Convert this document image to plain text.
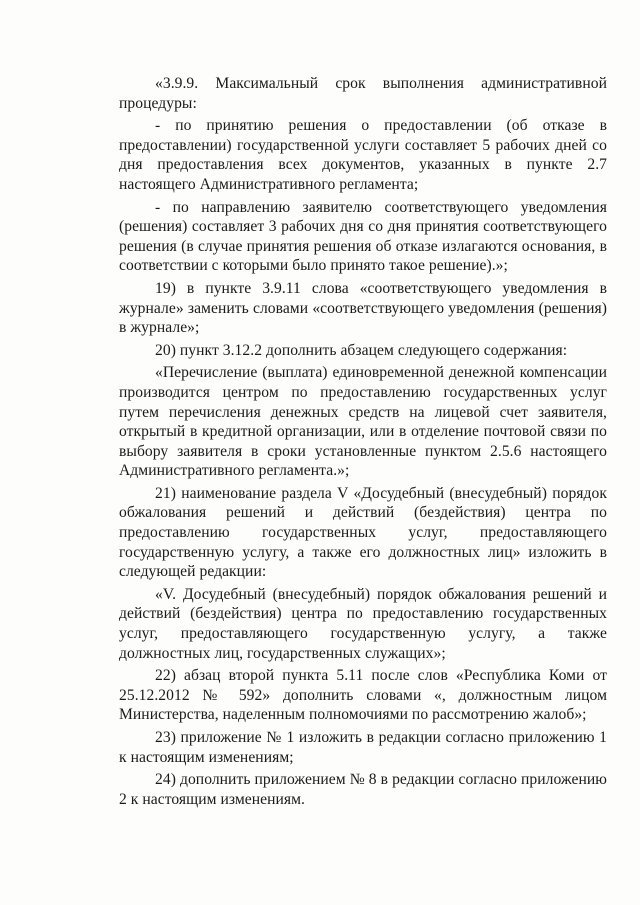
«3.9.9. Максимальный срок выполнения административной процедуры:

- по принятию решения о предоставлении (об отказе в предоставлении) государственной услуги составляет 5 рабочих дней со дня предоставления всех документов, указанных в пункте 2.7 настоящего Административного регламента;

- по направлению заявителю соответствующего уведомления (решения) составляет 3 рабочих дня со дня принятия соответствующего решения (в случае принятия решения об отказе излагаются основания, в соответствии с которыми было принято такое решение).»;

19) в пункте 3.9.11 слова «соответствующего уведомления в журнале» заменить словами «соответствующего уведомления (решения) в журнале»;

20) пункт 3.12.2 дополнить абзацем следующего содержания:

«Перечисление (выплата) единовременной денежной компенсации производится центром по предоставлению государственных услуг путем перечисления денежных средств на лицевой счет заявителя, открытый в кредитной организации, или в отделение почтовой связи по выбору заявителя в сроки установленные пунктом 2.5.6 настоящего Административного регламента.»;

21) наименование раздела V «Досудебный (внесудебный) порядок обжалования решений и действий (бездействия) центра по предоставлению государственных услуг, предоставляющего государственную услугу, а также его должностных лиц» изложить в следующей редакции:

«V. Досудебный (внесудебный) порядок обжалования решений и действий (бездействия) центра по предоставлению государственных услуг, предоставляющего государственную услугу, а также должностных лиц, государственных служащих»;

22) абзац второй пункта 5.11 после слов «Республика Коми от 25.12.2012 № 592» дополнить словами «, должностным лицом Министерства, наделенным полномочиями по рассмотрению жалоб»;

23) приложение № 1 изложить в редакции согласно приложению 1 к настоящим изменениям;

24) дополнить приложением № 8 в редакции согласно приложению 2 к настоящим изменениям.
